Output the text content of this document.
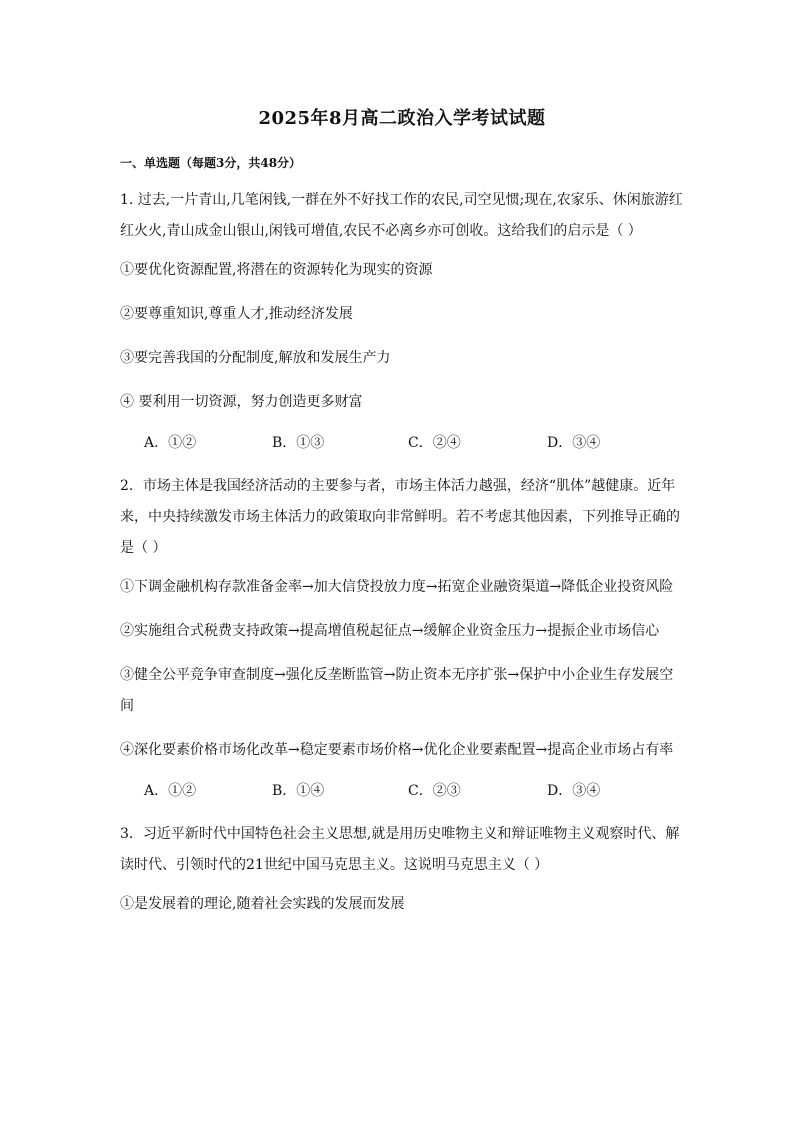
2025年8月高二政治入学考试试题
一、单选题（每题3分，共48分）
1. 过去,一片青山,几笔闲钱,一群在外不好找工作的农民,司空见惯;现在,农家乐、休闲旅游红红火火,青山成金山银山,闲钱可增值,农民不必离乡亦可创收。这给我们的启示是（ ）
①要优化资源配置,将潜在的资源转化为现实的资源
②要尊重知识,尊重人才,推动经济发展
③要完善我国的分配制度,解放和发展生产力
④ 要利用一切资源，努力创造更多财富
A．①②	B．①③	C．②④	D．③④
2．市场主体是我国经济活动的主要参与者，市场主体活力越强，经济“肌体”越健康。近年来，中央持续激发市场主体活力的政策取向非常鲜明。若不考虑其他因素，下列推导正确的是（ ）
①下调金融机构存款准备金率→加大信贷投放力度→拓宽企业融资渠道→降低企业投资风险
②实施组合式税费支持政策→提高增值税起征点→缓解企业资金压力→提振企业市场信心
③健全公平竞争审查制度→强化反垄断监管→防止资本无序扩张→保护中小企业生存发展空间
④深化要素价格市场化改革→稳定要素市场价格→优化企业要素配置→提高企业市场占有率
A．①②	B．①④	C．②③	D．③④
3．习近平新时代中国特色社会主义思想,就是用历史唯物主义和辩证唯物主义观察时代、解读时代、引领时代的21世纪中国马克思主义。这说明马克思主义（ ）
①是发展着的理论,随着社会实践的发展而发展
